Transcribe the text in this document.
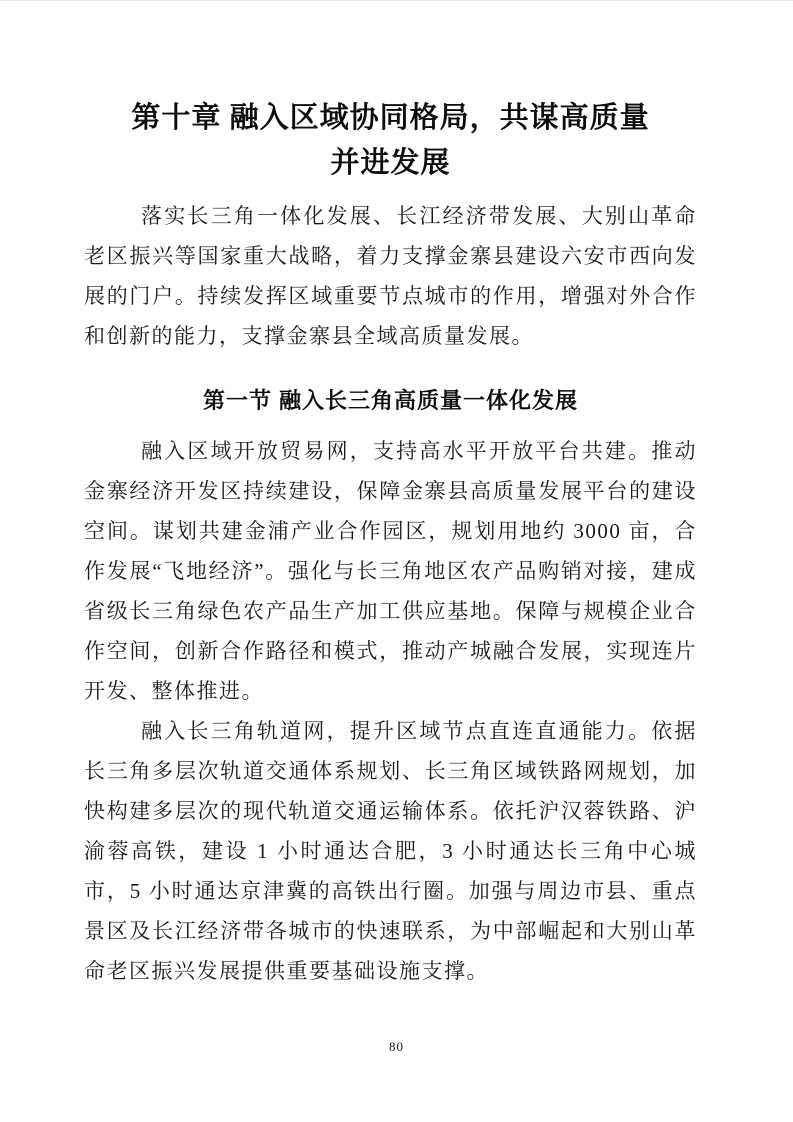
第十章 融入区域协同格局，共谋高质量
并进发展

落实长三角一体化发展、长江经济带发展、大别山革命老区振兴等国家重大战略，着力支撑金寨县建设六安市西向发展的门户。持续发挥区域重要节点城市的作用，增强对外合作和创新的能力，支撑金寨县全域高质量发展。

第一节 融入长三角高质量一体化发展

融入区域开放贸易网，支持高水平开放平台共建。推动金寨经济开发区持续建设，保障金寨县高质量发展平台的建设空间。谋划共建金浦产业合作园区，规划用地约 3000 亩，合作发展“飞地经济”。强化与长三角地区农产品购销对接，建成省级长三角绿色农产品生产加工供应基地。保障与规模企业合作空间，创新合作路径和模式，推动产城融合发展，实现连片开发、整体推进。

融入长三角轨道网，提升区域节点直连直通能力。依据长三角多层次轨道交通体系规划、长三角区域铁路网规划，加快构建多层次的现代轨道交通运输体系。依托沪汉蓉铁路、沪渝蓉高铁，建设 1 小时通达合肥，3 小时通达长三角中心城市，5 小时通达京津冀的高铁出行圈。加强与周边市县、重点景区及长江经济带各城市的快速联系，为中部崛起和大别山革命老区振兴发展提供重要基础设施支撑。

80
